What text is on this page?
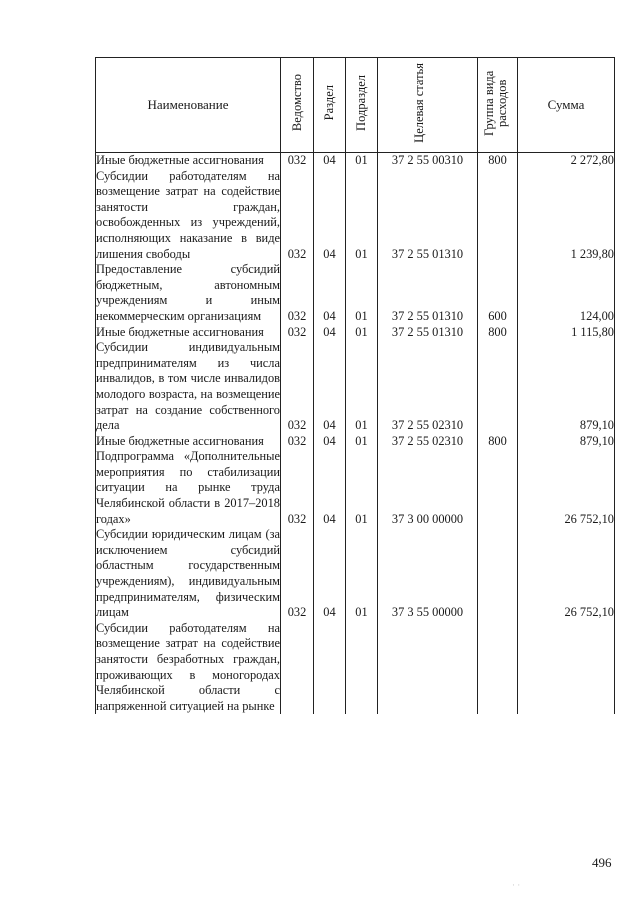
Наименование	Ведомство	Раздел	Подраздел	Целевая статья	Группа вида расходов	Сумма
Иные бюджетные ассигнования	032	04	01	37 2 55 00310	800	2 272,80
Субсидии работодателям на возмещение затрат на содействие занятости граждан, освобожденных из учреждений, исполняющих наказание в виде лишения свободы	032	04	01	37 2 55 01310		1 239,80
Предоставление субсидий бюджетным, автономным учреждениям и иным некоммерческим организациям	032	04	01	37 2 55 01310	600	124,00
Иные бюджетные ассигнования	032	04	01	37 2 55 01310	800	1 115,80
Субсидии индивидуальным предпринимателям из числа инвалидов, в том числе инвалидов молодого возраста, на возмещение затрат на создание собственного дела	032	04	01	37 2 55 02310		879,10
Иные бюджетные ассигнования	032	04	01	37 2 55 02310	800	879,10
Подпрограмма «Дополнительные мероприятия по стабилизации ситуации на рынке труда Челябинской области в 2017–2018 годах»	032	04	01	37 3 00 00000		26 752,10
Субсидии юридическим лицам (за исключением субсидий областным государственным учреждениям), индивидуальным предпринимателям, физическим лицам	032	04	01	37 3 55 00000		26 752,10
Субсидии работодателям на возмещение затрат на содействие занятости безработных граждан, проживающих в моногородах Челябинской области с напряженной ситуацией на рынке						
496
· ·
